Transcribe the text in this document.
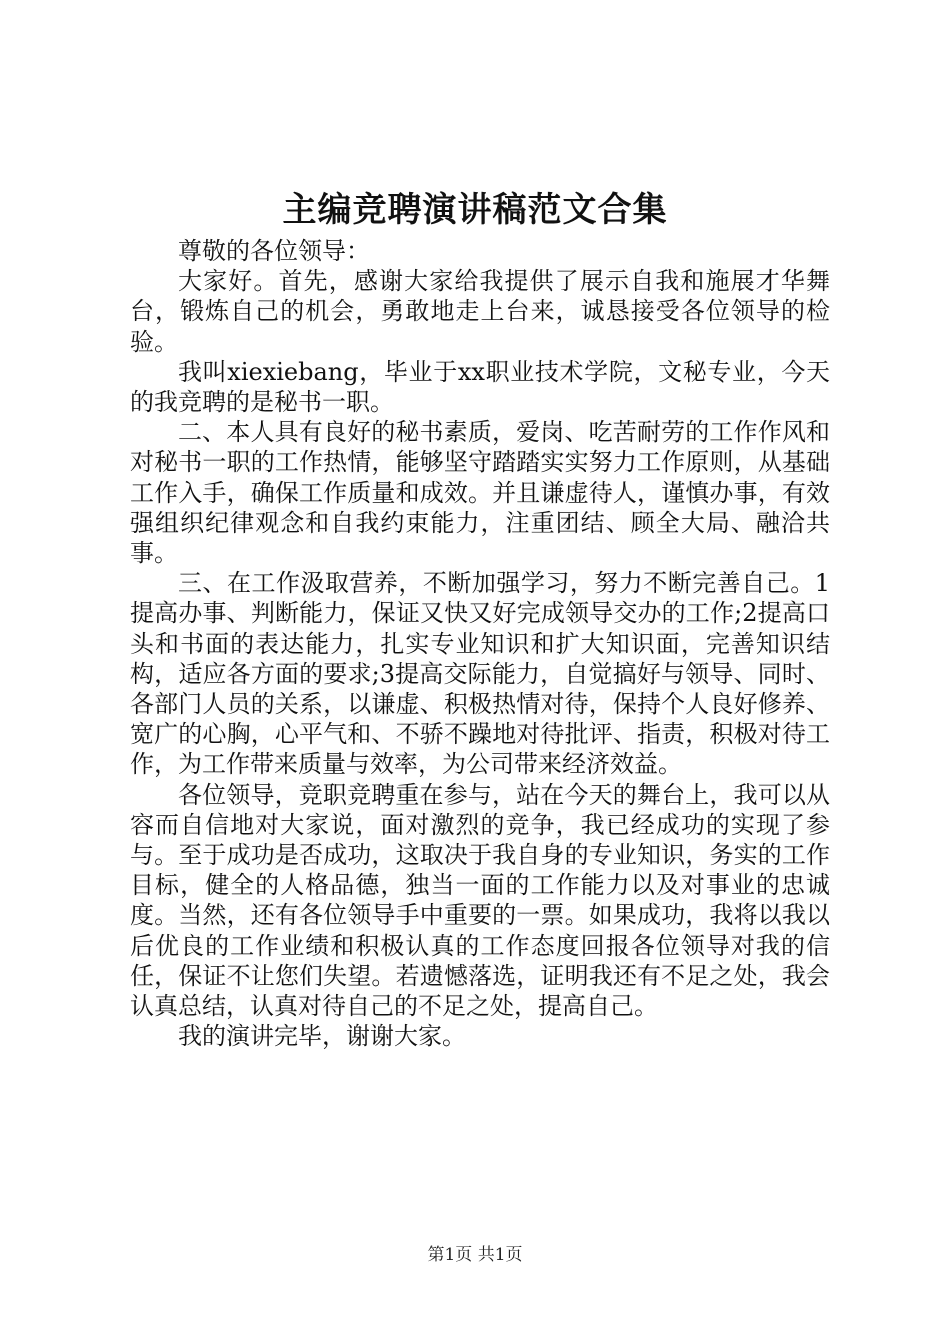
主编竞聘演讲稿范文合集

尊敬的各位领导：

大家好。首先，感谢大家给我提供了展示自我和施展才华舞台，锻炼自己的机会，勇敢地走上台来，诚恳接受各位领导的检验。

我叫xiexiebang，毕业于xx职业技术学院，文秘专业，今天的我竞聘的是秘书一职。

二、本人具有良好的秘书素质，爱岗、吃苦耐劳的工作作风和对秘书一职的工作热情，能够坚守踏踏实实努力工作原则，从基础工作入手，确保工作质量和成效。并且谦虚待人，谨慎办事，有效强组织纪律观念和自我约束能力，注重团结、顾全大局、融洽共事。

三、在工作汲取营养，不断加强学习，努力不断完善自己。1提高办事、判断能力，保证又快又好完成领导交办的工作;2提高口头和书面的表达能力，扎实专业知识和扩大知识面，完善知识结构，适应各方面的要求;3提高交际能力，自觉搞好与领导、同时、各部门人员的关系，以谦虚、积极热情对待，保持个人良好修养、宽广的心胸，心平气和、不骄不躁地对待批评、指责，积极对待工作，为工作带来质量与效率，为公司带来经济效益。

各位领导，竞职竞聘重在参与，站在今天的舞台上，我可以从容而自信地对大家说，面对激烈的竞争，我已经成功的实现了参与。至于成功是否成功，这取决于我自身的专业知识，务实的工作目标，健全的人格品德，独当一面的工作能力以及对事业的忠诚度。当然，还有各位领导手中重要的一票。如果成功，我将以我以后优良的工作业绩和积极认真的工作态度回报各位领导对我的信任，保证不让您们失望。若遗憾落选，证明我还有不足之处，我会认真总结，认真对待自己的不足之处，提高自己。

我的演讲完毕，谢谢大家。

第1页 共1页
